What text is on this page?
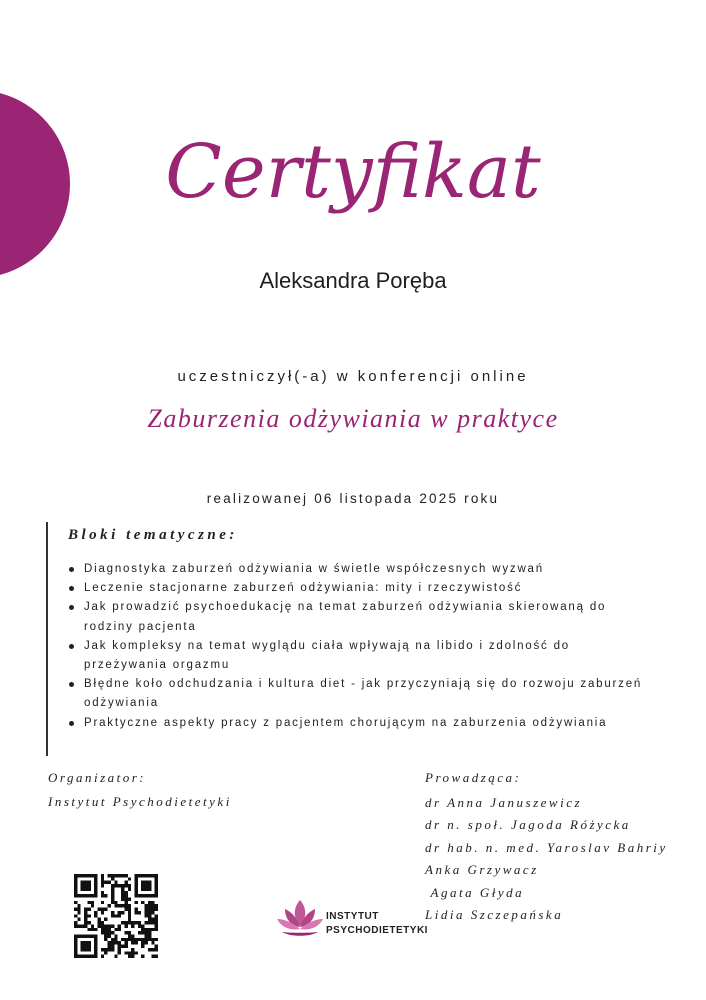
Certyfikat
Aleksandra Poręba
uczestniczył(-a) w konferencji online
Zaburzenia odżywiania w praktyce
realizowanej 06 listopada 2025 roku
Bloki tematyczne:
Diagnostyka zaburzeń odżywiania w świetle współczesnych wyzwań
Leczenie stacjonarne zaburzeń odżywiania: mity i rzeczywistość
Jak prowadzić psychoedukację na temat zaburzeń odżywiania skierowaną do rodziny pacjenta
Jak kompleksy na temat wyglądu ciała wpływają na libido i zdolność do przeżywania orgazmu
Błędne koło odchudzania i kultura diet - jak przyczyniają się do rozwoju zaburzeń odżywiania
Praktyczne aspekty pracy z pacjentem chorującym na zaburzenia odżywiania
Organizator:
Instytut Psychodietetyki
Prowadząca:
dr Anna Januszewicz
dr n. społ. Jagoda Różycka
dr hab. n. med. Yaroslav Bahriy
Anka Grzywacz
Agata Głyda
Lidia Szczepańska
INSTYTUT
PSYCHODIETETYKI
